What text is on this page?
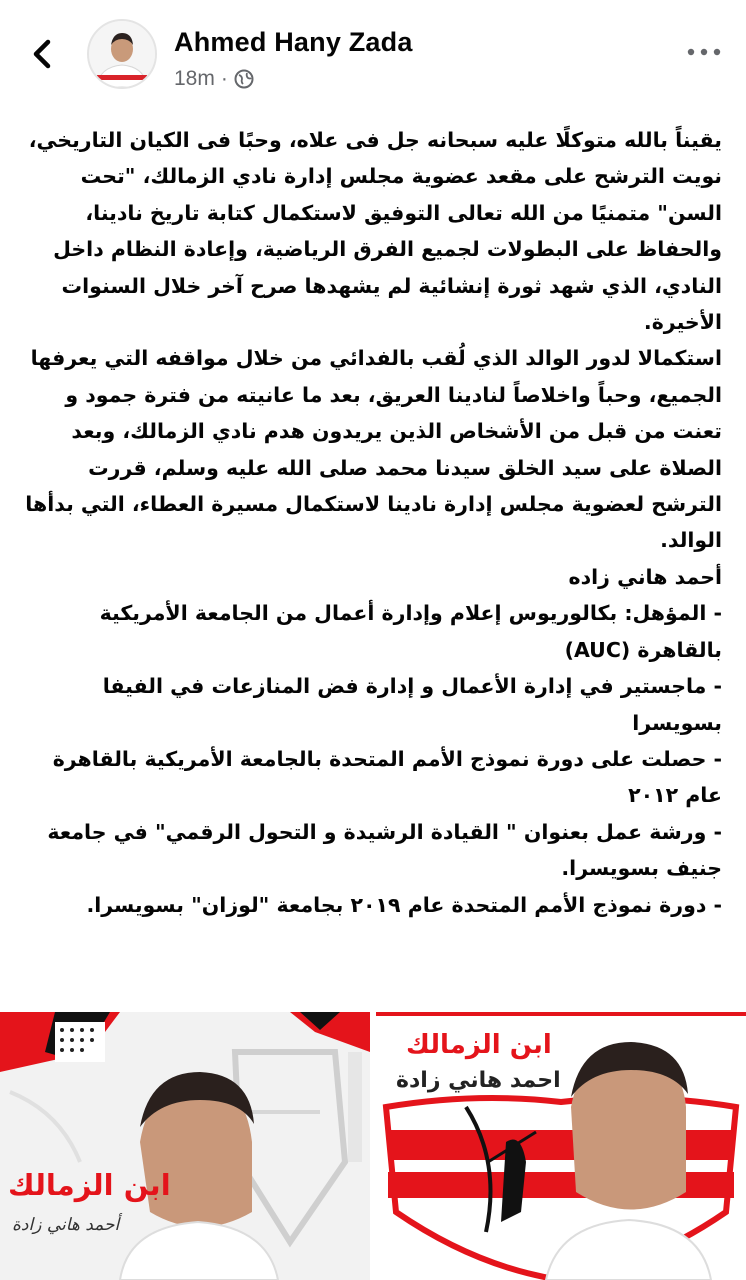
Ahmed Hany Zada
18m ·

يقيناً بالله متوكلًا عليه سبحانه جل فى علاه، وحبًا فى الكيان التاريخي، نويت الترشح على مقعد عضوية مجلس إدارة نادي الزمالك، "تحت السن" متمنيًا من الله تعالى التوفيق لاستكمال كتابة تاريخ نادينا، والحفاظ على البطولات لجميع الفرق الرياضية، وإعادة النظام داخل النادي، الذي شهد ثورة إنشائية لم يشهدها صرح آخر خلال السنوات الأخيرة.

استكمالا لدور الوالد الذي لُقب بالفدائي من خلال مواقفه التي يعرفها الجميع، وحباً واخلاصاً لنادينا العريق، بعد ما عانيته من فترة جمود و تعنت من قبل من الأشخاص الذين يريدون هدم نادي الزمالك، وبعد الصلاة على سيد الخلق سيدنا محمد صلى الله عليه وسلم، قررت الترشح لعضوية مجلس إدارة نادينا لاستكمال مسيرة العطاء، التي بدأها الوالد.

أحمد هاني زاده

- المؤهل: بكالوريوس إعلام وإدارة أعمال من الجامعة الأمريكية بالقاهرة (AUC)

- ماجستير في إدارة الأعمال و إدارة فض المنازعات في الفيفا بسويسرا

- حصلت على دورة نموذج الأمم المتحدة بالجامعة الأمريكية بالقاهرة عام ٢٠١٢

- ورشة عمل بعنوان " القيادة الرشيدة و التحول الرقمي" في جامعة جنيف بسويسرا.

- دورة نموذج الأمم المتحدة عام ٢٠١٩ بجامعة "لوزان" بسويسرا.

ابن الزمالك
أحمد هاني زادة
ابن الزمالك
احمد هاني زادة
